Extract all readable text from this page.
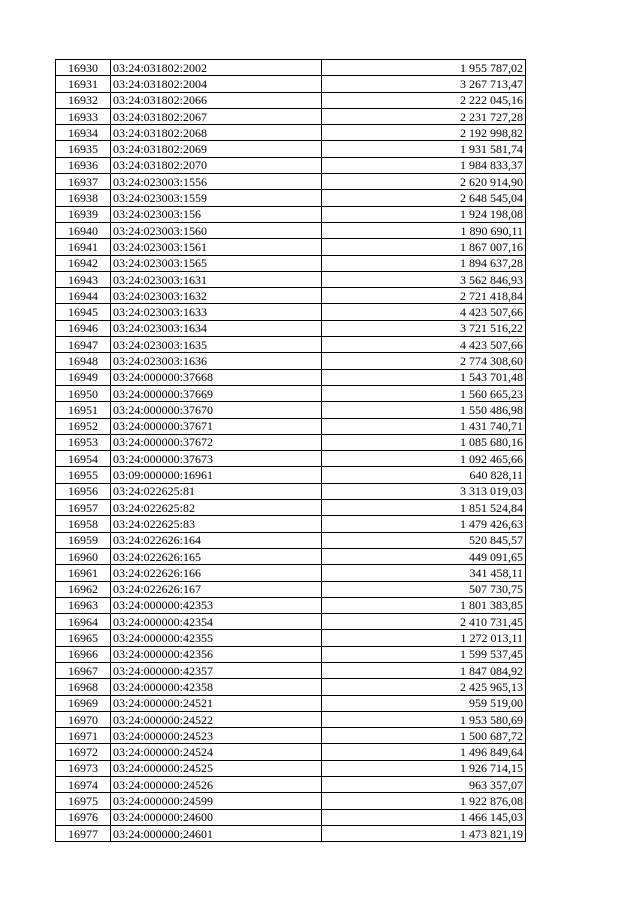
16930	03:24:031802:2002	1 955 787,02
16931	03:24:031802:2004	3 267 713,47
16932	03:24:031802:2066	2 222 045,16
16933	03:24:031802:2067	2 231 727,28
16934	03:24:031802:2068	2 192 998,82
16935	03:24:031802:2069	1 931 581,74
16936	03:24:031802:2070	1 984 833,37
16937	03:24:023003:1556	2 620 914,90
16938	03:24:023003:1559	2 648 545,04
16939	03:24:023003:156	1 924 198,08
16940	03:24:023003:1560	1 890 690,11
16941	03:24:023003:1561	1 867 007,16
16942	03:24:023003:1565	1 894 637,28
16943	03:24:023003:1631	3 562 846,93
16944	03:24:023003:1632	2 721 418,84
16945	03:24:023003:1633	4 423 507,66
16946	03:24:023003:1634	3 721 516,22
16947	03:24:023003:1635	4 423 507,66
16948	03:24:023003:1636	2 774 308,60
16949	03:24:000000:37668	1 543 701,48
16950	03:24:000000:37669	1 560 665,23
16951	03:24:000000:37670	1 550 486,98
16952	03:24:000000:37671	1 431 740,71
16953	03:24:000000:37672	1 085 680,16
16954	03:24:000000:37673	1 092 465,66
16955	03:09:000000:16961	640 828,11
16956	03:24:022625:81	3 313 019,03
16957	03:24:022625:82	1 851 524,84
16958	03:24:022625:83	1 479 426,63
16959	03:24:022626:164	520 845,57
16960	03:24:022626:165	449 091,65
16961	03:24:022626:166	341 458,11
16962	03:24:022626:167	507 730,75
16963	03:24:000000:42353	1 801 383,85
16964	03:24:000000:42354	2 410 731,45
16965	03:24:000000:42355	1 272 013,11
16966	03:24:000000:42356	1 599 537,45
16967	03:24:000000:42357	1 847 084,92
16968	03:24:000000:42358	2 425 965,13
16969	03:24:000000:24521	959 519,00
16970	03:24:000000:24522	1 953 580,69
16971	03:24:000000:24523	1 500 687,72
16972	03:24:000000:24524	1 496 849,64
16973	03:24:000000:24525	1 926 714,15
16974	03:24:000000:24526	963 357,07
16975	03:24:000000:24599	1 922 876,08
16976	03:24:000000:24600	1 466 145,03
16977	03:24:000000:24601	1 473 821,19
